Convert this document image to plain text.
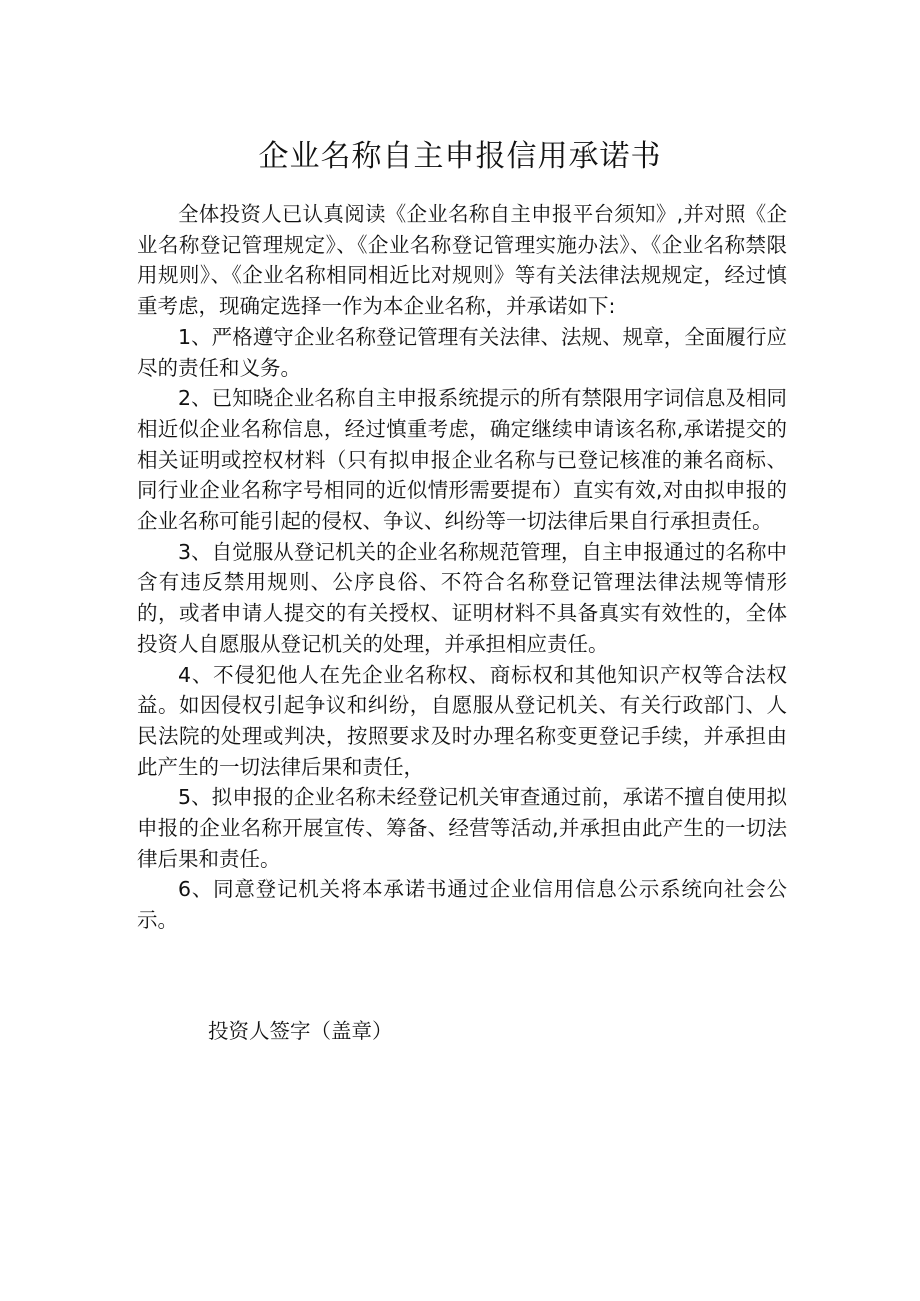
企业名称自主申报信用承诺书

全体投资人已认真阅读《企业名称自主申报平台须知》,并对照《企业名称登记管理规定》、《企业名称登记管理实施办法》、《企业名称禁限用规则》、《企业名称相同相近比对规则》等有关法律法规规定，经过慎重考虑，现确定选择一作为本企业名称，并承诺如下:

1、严格遵守企业名称登记管理有关法律、法规、规章，全面履行应尽的责任和义务。

2、已知晓企业名称自主申报系统提示的所有禁限用字词信息及相同相近似企业名称信息，经过慎重考虑，确定继续申请该名称,承诺提交的相关证明或控权材料（只有拟申报企业名称与已登记核准的兼名商标、同行业企业名称字号相同的近似情形需要提布）直实有效,对由拟申报的企业名称可能引起的侵权、争议、纠纷等一切法律后果自行承担责任。

3、自觉服从登记机关的企业名称规范管理，自主申报通过的名称中含有违反禁用规则、公序良俗、不符合名称登记管理法律法规等情形的，或者申请人提交的有关授权、证明材料不具备真实有效性的，全体投资人自愿服从登记机关的处理，并承担相应责任。

4、不侵犯他人在先企业名称权、商标权和其他知识产权等合法权益。如因侵权引起争议和纠纷，自愿服从登记机关、有关行政部门、人民法院的处理或判决，按照要求及时办理名称变更登记手续，并承担由此产生的一切法律后果和责任，

5、拟申报的企业名称未经登记机关审查通过前，承诺不擅自使用拟申报的企业名称开展宣传、筹备、经营等活动,并承担由此产生的一切法律后果和责任。

6、同意登记机关将本承诺书通过企业信用信息公示系统向社会公示。

投资人签字（盖章）
